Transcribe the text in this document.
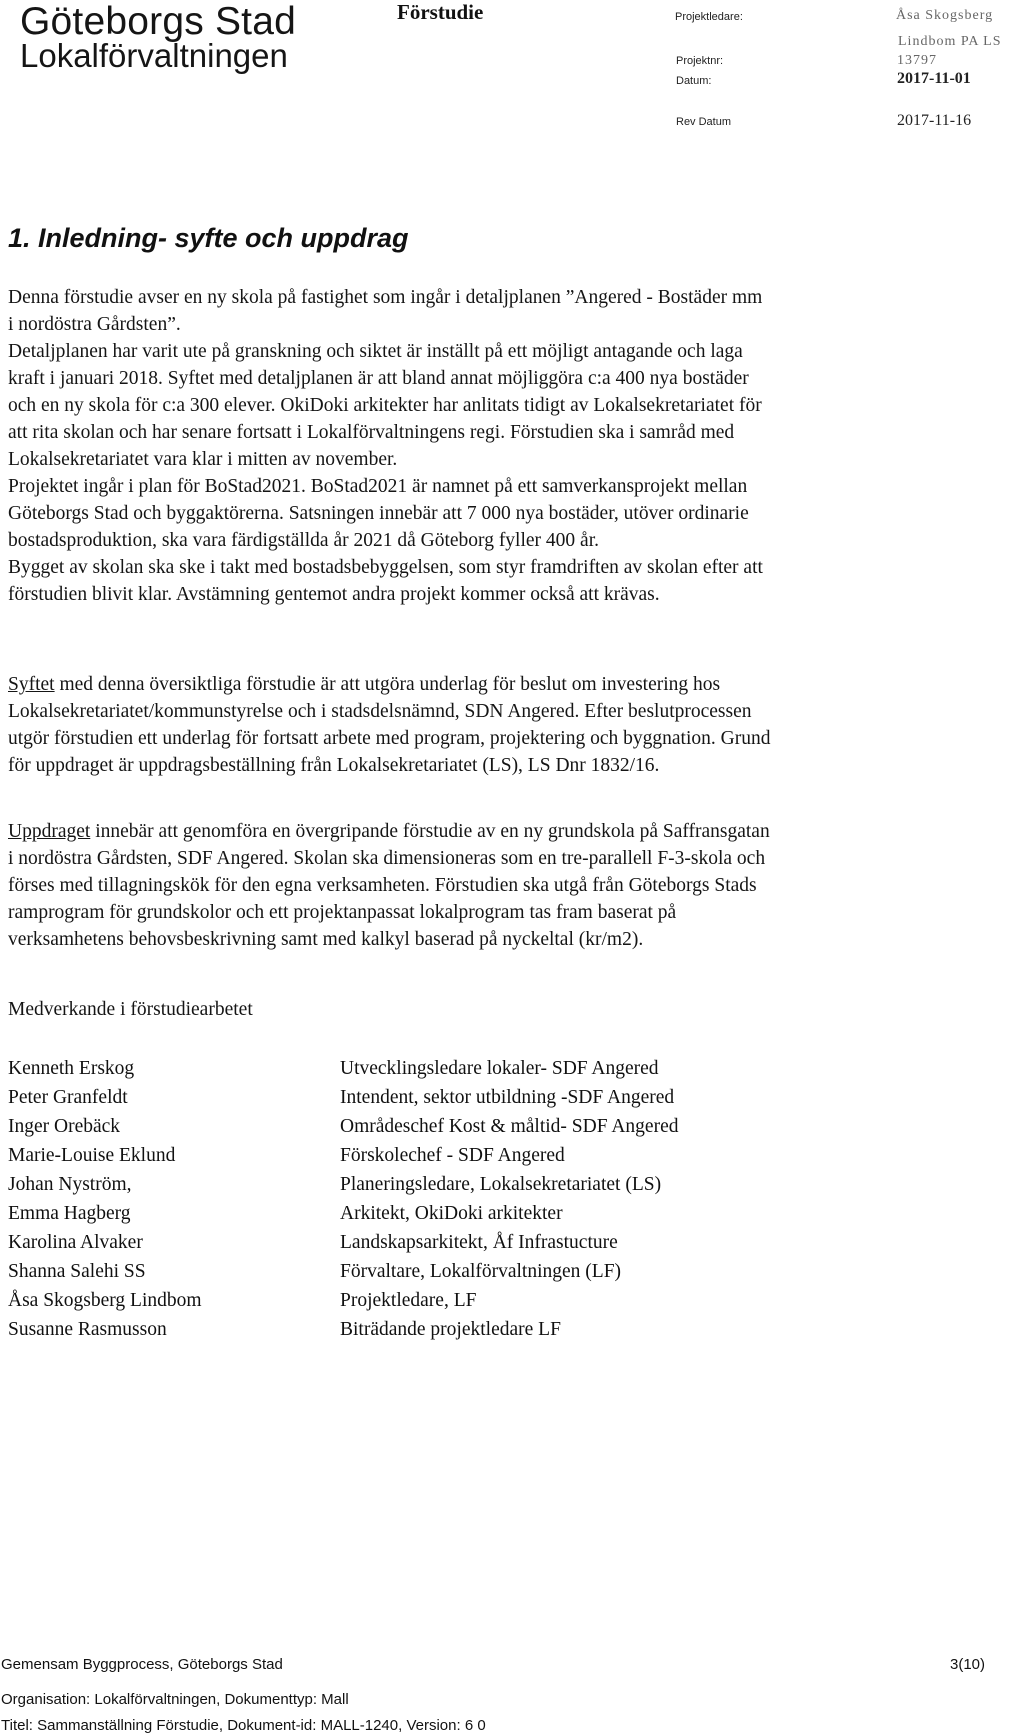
Göteborgs Stad
Lokalförvaltningen
Förstudie	Projektledare:	Åsa Skogsberg
Lindbom PA LS
Projektnr:	13797
Datum:	2017-11-01
Rev Datum	2017-11-16
1. Inledning- syfte och uppdrag

Denna förstudie avser en ny skola på fastighet som ingår i detaljplanen ”Angered - Bostäder mm

i nordöstra Gårdsten”.

Detaljplanen har varit ute på granskning och siktet är inställt på ett möjligt antagande och laga

kraft i januari 2018. Syftet med detaljplanen är att bland annat möjliggöra c:a 400 nya bostäder

och en ny skola för c:a 300 elever. OkiDoki arkitekter har anlitats tidigt av Lokalsekretariatet för

att rita skolan och har senare fortsatt i Lokalförvaltningens regi. Förstudien ska i samråd med

Lokalsekretariatet vara klar i mitten av november.

Projektet ingår i plan för BoStad2021. BoStad2021 är namnet på ett samverkansprojekt mellan

Göteborgs Stad och byggaktörerna. Satsningen innebär att 7 000 nya bostäder, utöver ordinarie

bostadsproduktion, ska vara färdigställda år 2021 då Göteborg fyller 400 år.

Bygget av skolan ska ske i takt med bostadsbebyggelsen, som styr framdriften av skolan efter att

förstudien blivit klar. Avstämning gentemot andra projekt kommer också att krävas.

Syftet med denna översiktliga förstudie är att utgöra underlag för beslut om investering hos

Lokalsekretariatet/kommunstyrelse och i stadsdelsnämnd, SDN Angered. Efter beslutprocessen

utgör förstudien ett underlag för fortsatt arbete med program, projektering och byggnation. Grund

för uppdraget är uppdragsbeställning från Lokalsekretariatet (LS), LS Dnr 1832/16.

Uppdraget innebär att genomföra en övergripande förstudie av en ny grundskola på Saffransgatan

i nordöstra Gårdsten, SDF Angered. Skolan ska dimensioneras som en tre-parallell F-3-skola och

förses med tillagningskök för den egna verksamheten. Förstudien ska utgå från Göteborgs Stads

ramprogram för grundskolor och ett projektanpassat lokalprogram tas fram baserat på

verksamhetens behovsbeskrivning samt med kalkyl baserad på nyckeltal (kr/m2).

Medverkande i förstudiearbetet
Kenneth Erskog	Utvecklingsledare lokaler- SDF Angered
Peter Granfeldt	Intendent, sektor utbildning -SDF Angered
Inger Orebäck	Områdeschef Kost & måltid- SDF Angered
Marie-Louise Eklund	Förskolechef - SDF Angered
Johan Nyström,	Planeringsledare, Lokalsekretariatet (LS)
Emma Hagberg	Arkitekt, OkiDoki arkitekter
Karolina Alvaker	Landskapsarkitekt, Åf Infrastucture
Shanna Salehi SS	Förvaltare, Lokalförvaltningen (LF)
Åsa Skogsberg Lindbom	Projektledare, LF
Susanne Rasmusson	Biträdande projektledare LF
Gemensam Byggprocess, Göteborgs Stad	3(10)
Organisation: Lokalförvaltningen, Dokumenttyp: Mall
Titel: Sammanställning Förstudie, Dokument-id: MALL-1240, Version: 6 0
